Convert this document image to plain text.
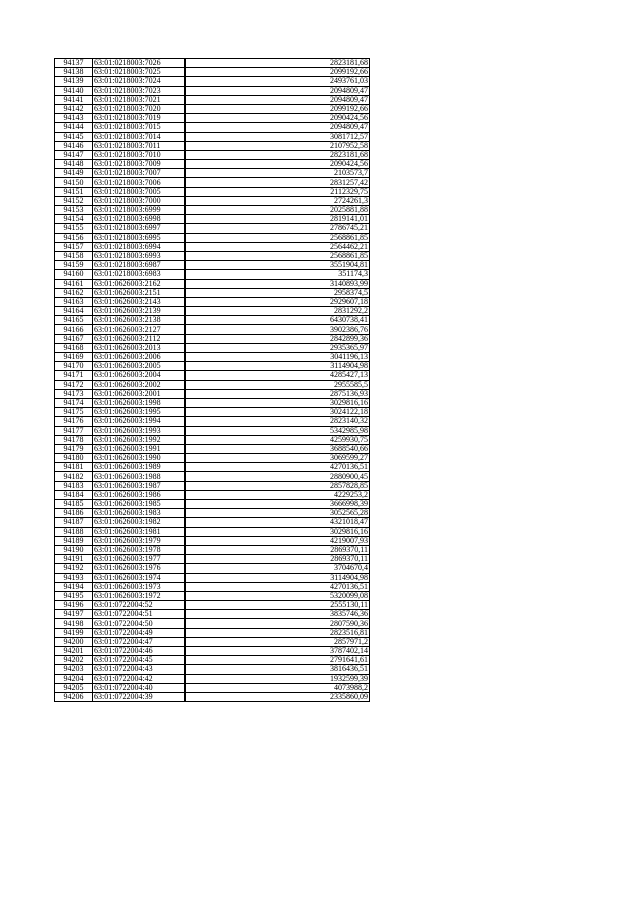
94137	63:01:0218003:7026	2823181,68
94138	63:01:0218003:7025	2099192,66
94139	63:01:0218003:7024	2493761,03
94140	63:01:0218003:7023	2094809,47
94141	63:01:0218003:7021	2094809,47
94142	63:01:0218003:7020	2099192,66
94143	63:01:0218003:7019	2090424,56
94144	63:01:0218003:7015	2094809,47
94145	63:01:0218003:7014	3081712,57
94146	63:01:0218003:7011	2107952,58
94147	63:01:0218003:7010	2823181,68
94148	63:01:0218003:7009	2090424,56
94149	63:01:0218003:7007	2103573,7
94150	63:01:0218003:7006	2831257,42
94151	63:01:0218003:7005	2112329,75
94152	63:01:0218003:7000	2724261,3
94153	63:01:0218003:6999	2025881,88
94154	63:01:0218003:6998	2819141,01
94155	63:01:0218003:6997	2786745,21
94156	63:01:0218003:6995	2568861,85
94157	63:01:0218003:6994	2564462,21
94158	63:01:0218003:6993	2568861,85
94159	63:01:0218003:6987	3551904,81
94160	63:01:0218003:6983	351174,3
94161	63:01:0626003:2162	3140893,99
94162	63:01:0626003:2151	2958374,5
94163	63:01:0626003:2143	2929607,18
94164	63:01:0626003:2139	2831292,2
94165	63:01:0626003:2138	6430738,41
94166	63:01:0626003:2127	3902386,76
94167	63:01:0626003:2112	2842899,36
94168	63:01:0626003:2013	2935365,97
94169	63:01:0626003:2006	3041196,13
94170	63:01:0626003:2005	3114904,98
94171	63:01:0626003:2004	4285427,13
94172	63:01:0626003:2002	2955585,5
94173	63:01:0626003:2001	2875136,93
94174	63:01:0626003:1998	3029816,16
94175	63:01:0626003:1995	3024122,18
94176	63:01:0626003:1994	2823140,32
94177	63:01:0626003:1993	5342985,98
94178	63:01:0626003:1992	4259930,75
94179	63:01:0626003:1991	3688540,66
94180	63:01:0626003:1990	3069599,27
94181	63:01:0626003:1989	4270136,51
94182	63:01:0626003:1988	2880900,45
94183	63:01:0626003:1987	2857828,85
94184	63:01:0626003:1986	4229253,2
94185	63:01:0626003:1985	3666998,39
94186	63:01:0626003:1983	3052565,28
94187	63:01:0626003:1982	4321018,47
94188	63:01:0626003:1981	3029816,16
94189	63:01:0626003:1979	4219007,93
94190	63:01:0626003:1978	2869370,11
94191	63:01:0626003:1977	2869370,11
94192	63:01:0626003:1976	3704670,4
94193	63:01:0626003:1974	3114904,98
94194	63:01:0626003:1973	4270136,51
94195	63:01:0626003:1972	5320099,08
94196	63:01:0722004:52	2555130,11
94197	63:01:0722004:51	3835746,36
94198	63:01:0722004:50	2807590,36
94199	63:01:0722004:49	2823516,81
94200	63:01:0722004:47	2857971,2
94201	63:01:0722004:46	3787402,14
94202	63:01:0722004:45	2791641,61
94203	63:01:0722004:43	3816436,51
94204	63:01:0722004:42	1932599,39
94205	63:01:0722004:40	4073988,2
94206	63:01:0722004:39	2335860,09
